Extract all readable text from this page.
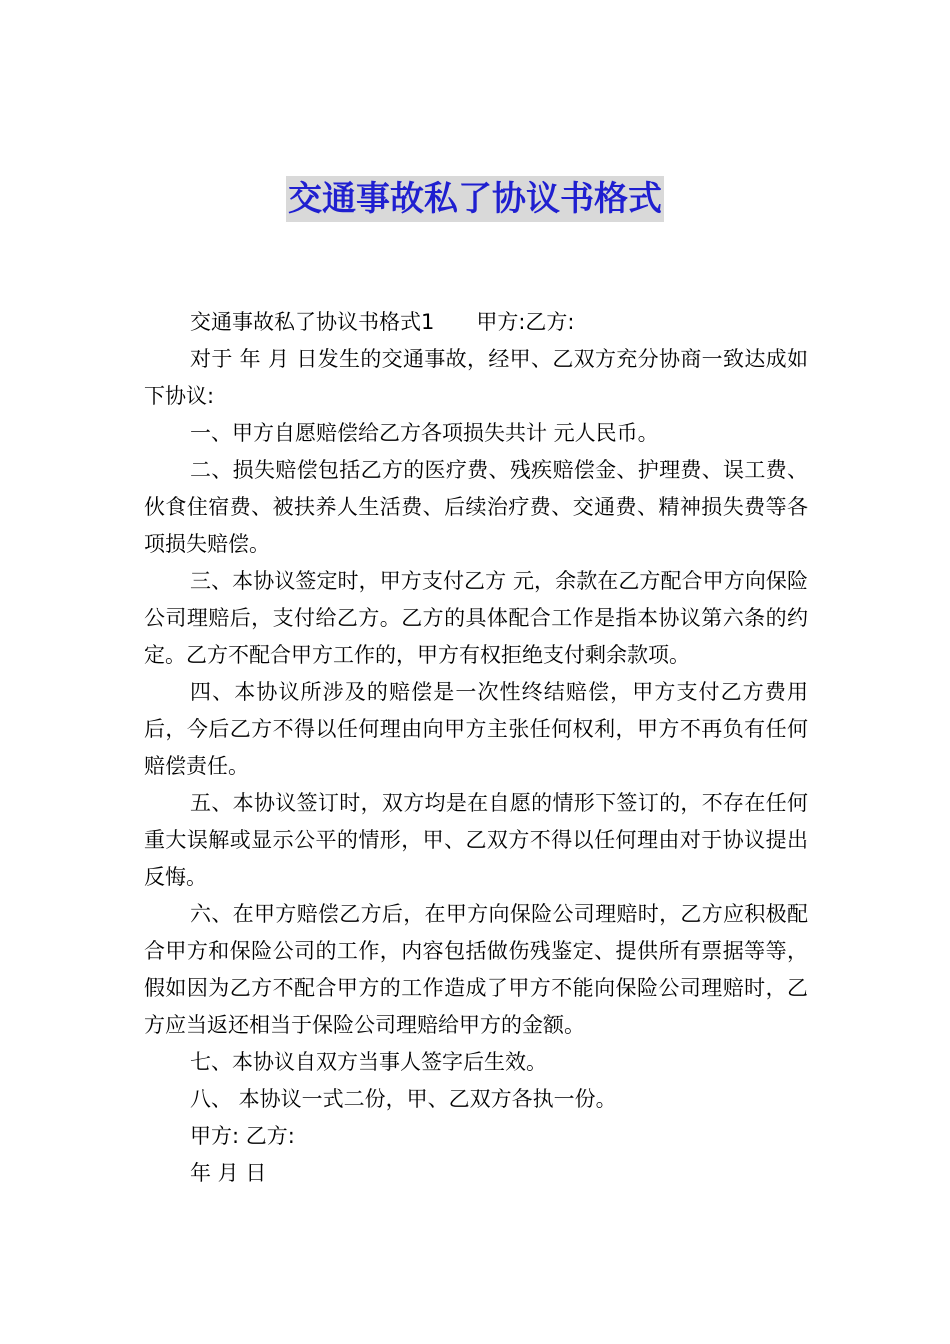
交通事故私了协议书格式

交通事故私了协议书格式1　　甲方:乙方:

对于 年 月 日发生的交通事故，经甲、乙双方充分协商一致达成如下协议:

一、甲方自愿赔偿给乙方各项损失共计 元人民币。

二、损失赔偿包括乙方的医疗费、残疾赔偿金、护理费、误工费、伙食住宿费、被扶养人生活费、后续治疗费、交通费、精神损失费等各项损失赔偿。

三、本协议签定时，甲方支付乙方 元，余款在乙方配合甲方向保险公司理赔后，支付给乙方。乙方的具体配合工作是指本协议第六条的约定。乙方不配合甲方工作的，甲方有权拒绝支付剩余款项。

四、本协议所涉及的赔偿是一次性终结赔偿，甲方支付乙方费用后，今后乙方不得以任何理由向甲方主张任何权利，甲方不再负有任何赔偿责任。

五、本协议签订时，双方均是在自愿的情形下签订的，不存在任何重大误解或显示公平的情形，甲、乙双方不得以任何理由对于协议提出反悔。

六、在甲方赔偿乙方后，在甲方向保险公司理赔时，乙方应积极配合甲方和保险公司的工作，内容包括做伤残鉴定、提供所有票据等等，假如因为乙方不配合甲方的工作造成了甲方不能向保险公司理赔时，乙方应当返还相当于保险公司理赔给甲方的金额。

七、本协议自双方当事人签字后生效。

八、 本协议一式二份，甲、乙双方各执一份。

甲方: 乙方:

年 月 日
